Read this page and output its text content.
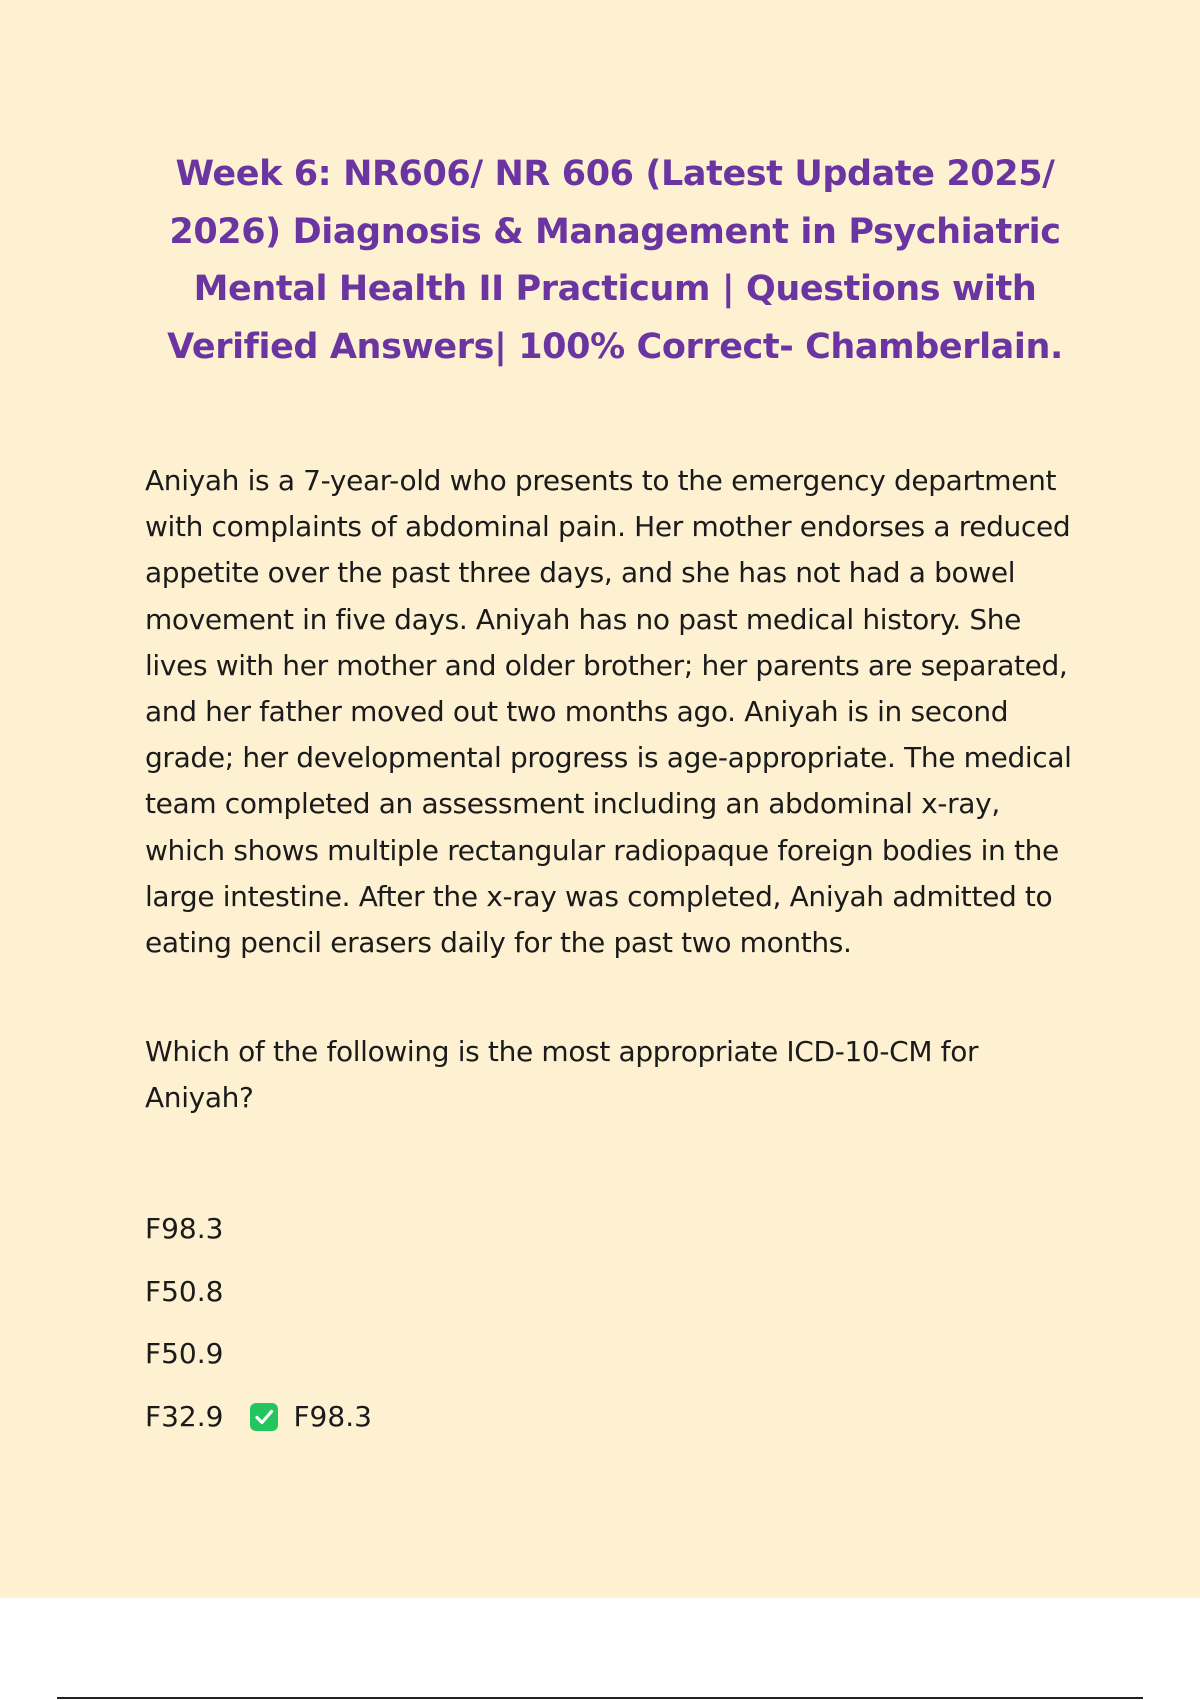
Week 6: NR606/ NR 606 (Latest Update 2025/ 2026) Diagnosis & Management in Psychiatric Mental Health II Practicum | Questions with Verified Answers| 100% Correct- Chamberlain.

Aniyah is a 7-year-old who presents to the emergency department with complaints of abdominal pain. Her mother endorses a reduced appetite over the past three days, and she has not had a bowel movement in five days. Aniyah has no past medical history. She lives with her mother and older brother; her parents are separated, and her father moved out two months ago. Aniyah is in second grade; her developmental progress is age-appropriate. The medical team completed an assessment including an abdominal x-ray, which shows multiple rectangular radiopaque foreign bodies in the large intestine. After the x-ray was completed, Aniyah admitted to eating pencil erasers daily for the past two months.

Which of the following is the most appropriate ICD-10-CM for Aniyah?

F98.3
F50.8
F50.9
F32.9	F98.3
